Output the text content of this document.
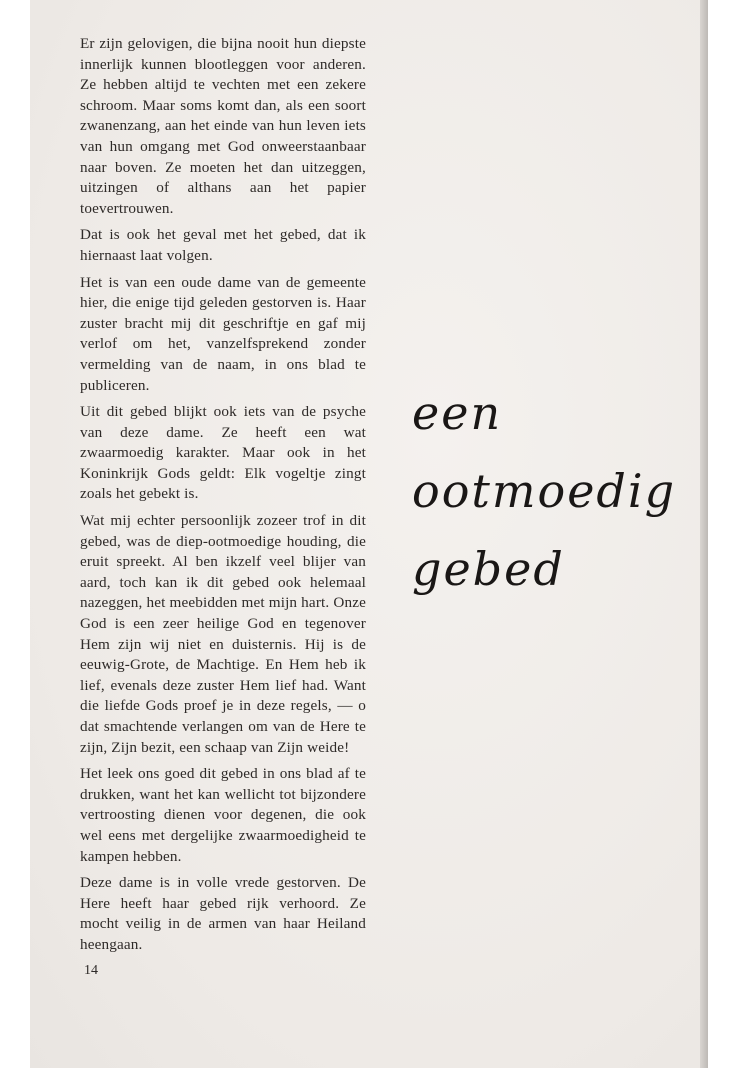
Er zijn gelovigen, die bijna nooit hun diepste innerlijk kunnen blootleggen voor anderen. Ze hebben altijd te vechten met een zekere schroom. Maar soms komt dan, als een soort zwanenzang, aan het einde van hun leven iets van hun omgang met God onweerstaanbaar naar boven. Ze moeten het dan uitzeggen, uitzingen of althans aan het papier toevertrouwen.

Dat is ook het geval met het gebed, dat ik hiernaast laat volgen.

Het is van een oude dame van de gemeente hier, die enige tijd geleden gestorven is. Haar zuster bracht mij dit geschriftje en gaf mij verlof om het, vanzelfsprekend zonder vermelding van de naam, in ons blad te publiceren.

Uit dit gebed blijkt ook iets van de psyche van deze dame. Ze heeft een wat zwaarmoedig karakter. Maar ook in het Koninkrijk Gods geldt: Elk vogeltje zingt zoals het gebekt is.

Wat mij echter persoonlijk zozeer trof in dit gebed, was de diep-ootmoedige houding, die eruit spreekt. Al ben ikzelf veel blijer van aard, toch kan ik dit gebed ook helemaal nazeggen, het meebidden met mijn hart. Onze God is een zeer heilige God en tegenover Hem zijn wij niet en duisternis. Hij is de eeuwig-Grote, de Machtige. En Hem heb ik lief, evenals deze zuster Hem lief had. Want die liefde Gods proef je in deze regels, — o dat smachtende verlangen om van de Here te zijn, Zijn bezit, een schaap van Zijn weide!

Het leek ons goed dit gebed in ons blad af te drukken, want het kan wellicht tot bijzondere vertroosting dienen voor degenen, die ook wel eens met dergelijke zwaarmoedigheid te kampen hebben.

Deze dame is in volle vrede gestorven. De Here heeft haar gebed rijk verhoord. Ze mocht veilig in de armen van haar Heiland heengaan.

14
een
ootmoedig
gebed
